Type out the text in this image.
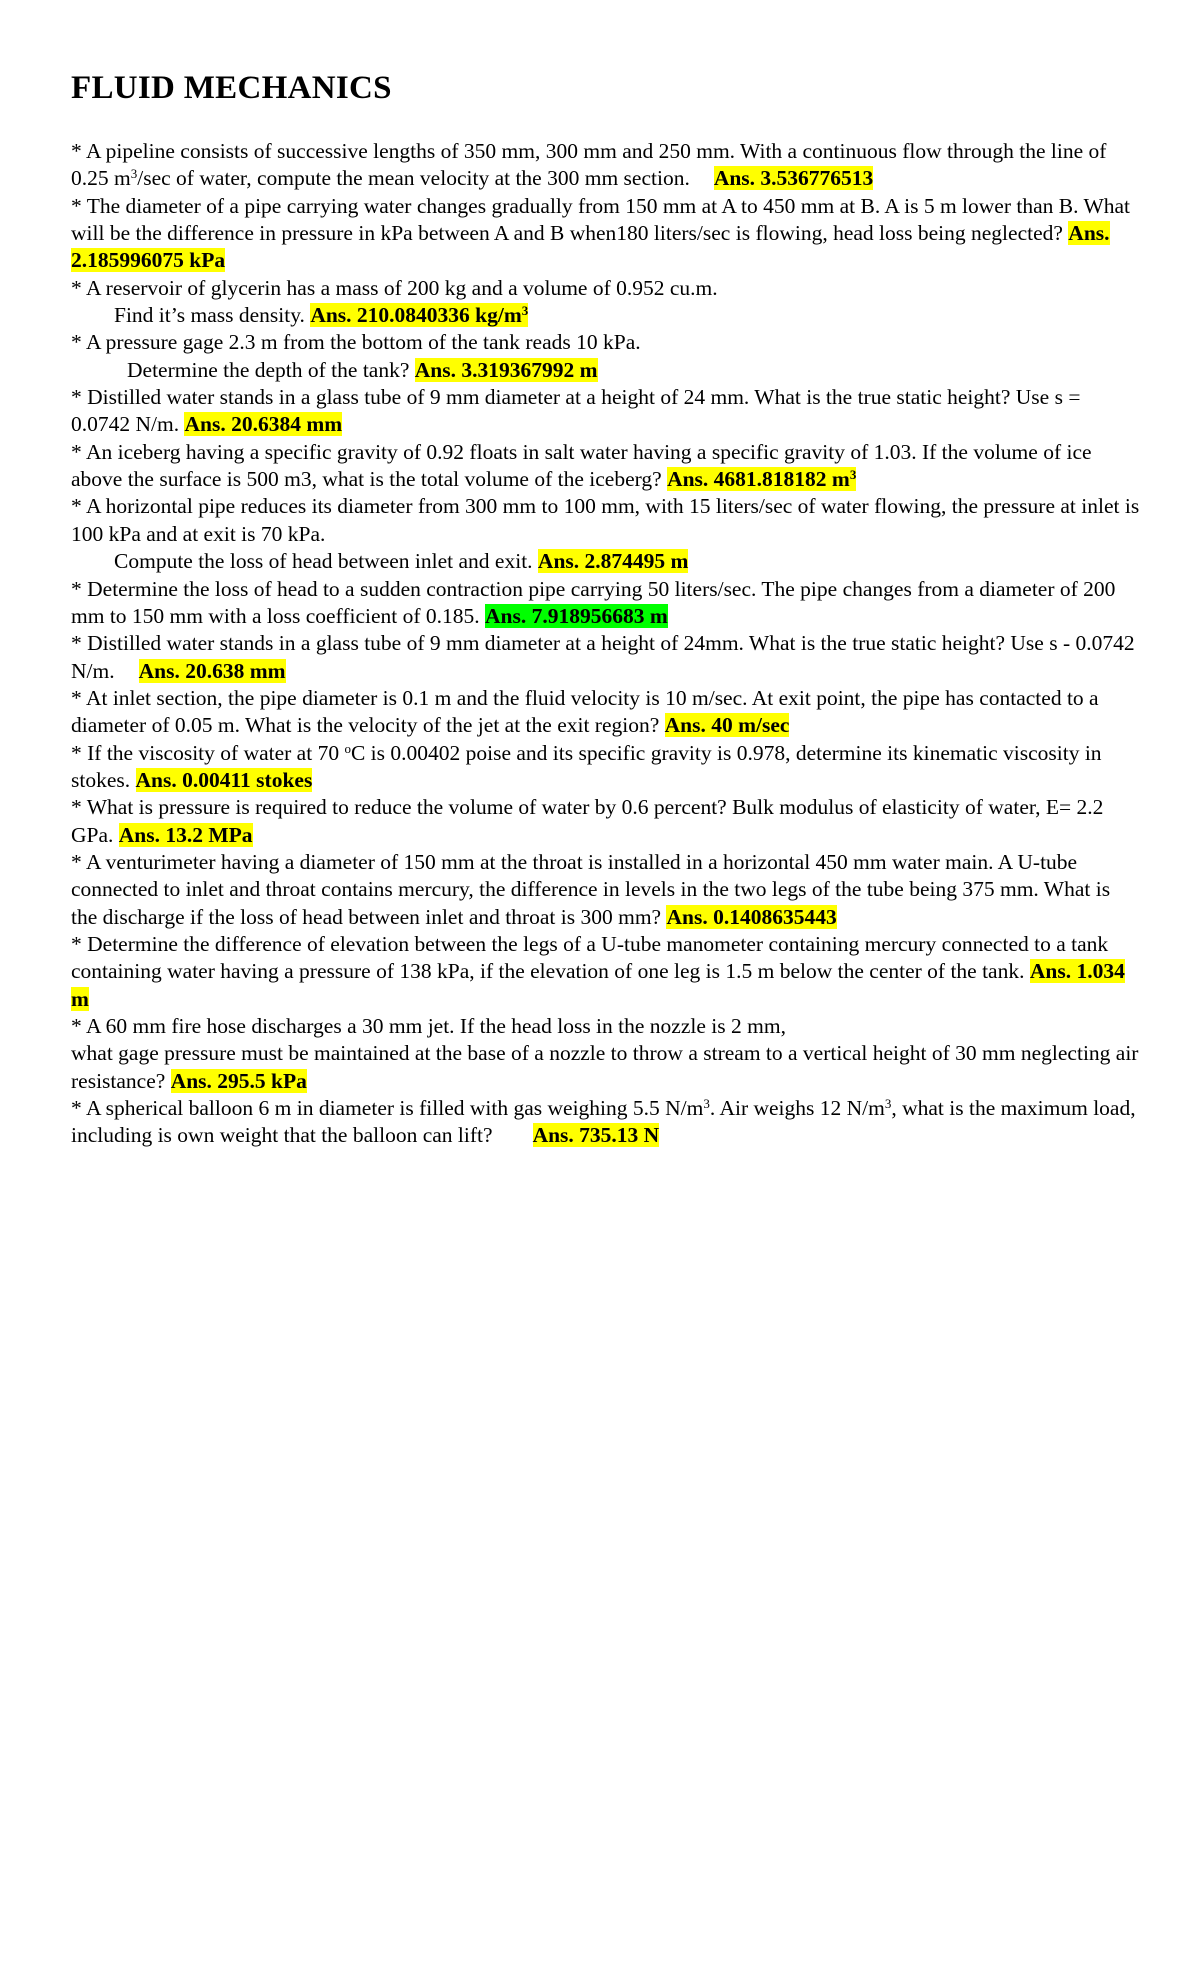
FLUID MECHANICS

* A pipeline consists of successive lengths of 350 mm, 300 mm and 250 mm. With a continuous flow through the line of 0.25 $m^3/\sec$ of water, compute the mean velocity at the 300 mm section. Ans. 3.536776513

* The diameter of a pipe carrying water changes gradually from 150 mm at A to 450 mm at B. A is 5 m lower than B. What will be the difference in pressure in kPa between A and B when180 liters/sec is flowing, head loss being neglected? Ans. 2.185996075 kPa

* A reservoir of glycerin has a mass of 200 kg and a volume of 0.952 cu.m.
Find it’s mass density. Ans. 210.0840336 $kg/m^3$

* A pressure gage 2.3 m from the bottom of the tank reads 10 kPa.
Determine the depth of the tank? Ans. 3.319367992 m

* Distilled water stands in a glass tube of 9 mm diameter at a height of 24 mm. What is the true static height? Use s = 0.0742 N/m. Ans. 20.6384 mm

* An iceberg having a specific gravity of 0.92 floats in salt water having a specific gravity of 1.03. If the volume of ice above the surface is 500 m3, what is the total volume of the iceberg? Ans. 4681.818182 $m^3$

* A horizontal pipe reduces its diameter from 300 mm to 100 mm, with 15 liters/sec of water flowing, the pressure at inlet is 100 kPa and at exit is 70 kPa.
Compute the loss of head between inlet and exit. Ans. 2.874495 m

* Determine the loss of head to a sudden contraction pipe carrying 50 liters/sec. The pipe changes from a diameter of 200 mm to 150 mm with a loss coefficient of 0.185. Ans. 7.918956683 m

* Distilled water stands in a glass tube of 9 mm diameter at a height of 24mm. What is the true static height? Use s - 0.0742 N/m. Ans. 20.638 mm

* At inlet section, the pipe diameter is 0.1 m and the fluid velocity is 10 m/sec. At exit point, the pipe has contacted to a diameter of 0.05 m. What is the velocity of the jet at the exit region? Ans. 40 m/sec

* If the viscosity of water at 70 $^o$C is 0.00402 poise and its specific gravity is 0.978, determine its kinematic viscosity in stokes. Ans. 0.00411 stokes

* What is pressure is required to reduce the volume of water by 0.6 percent? Bulk modulus of elasticity of water, E= 2.2 GPa. Ans. 13.2 MPa

* A venturimeter having a diameter of 150 mm at the throat is installed in a horizontal 450 mm water main. A U-tube connected to inlet and throat contains mercury, the difference in levels in the two legs of the tube being 375 mm. What is the discharge if the loss of head between inlet and throat is 300 mm? Ans. 0.1408635443

* Determine the difference of elevation between the legs of a U-tube manometer containing mercury connected to a tank containing water having a pressure of 138 kPa, if the elevation of one leg is 1.5 m below the center of the tank. Ans. 1.034 m

* A 60 mm fire hose discharges a 30 mm jet. If the head loss in the nozzle is 2 mm,
what gage pressure must be maintained at the base of a nozzle to throw a stream to a vertical height of 30 mm neglecting air resistance? Ans. 295.5 kPa

* A spherical balloon 6 m in diameter is filled with gas weighing 5.5 $N/m^3$. Air weighs 12 $N/m^3$, what is the maximum load, including is own weight that the balloon can lift? Ans. 735.13 N
